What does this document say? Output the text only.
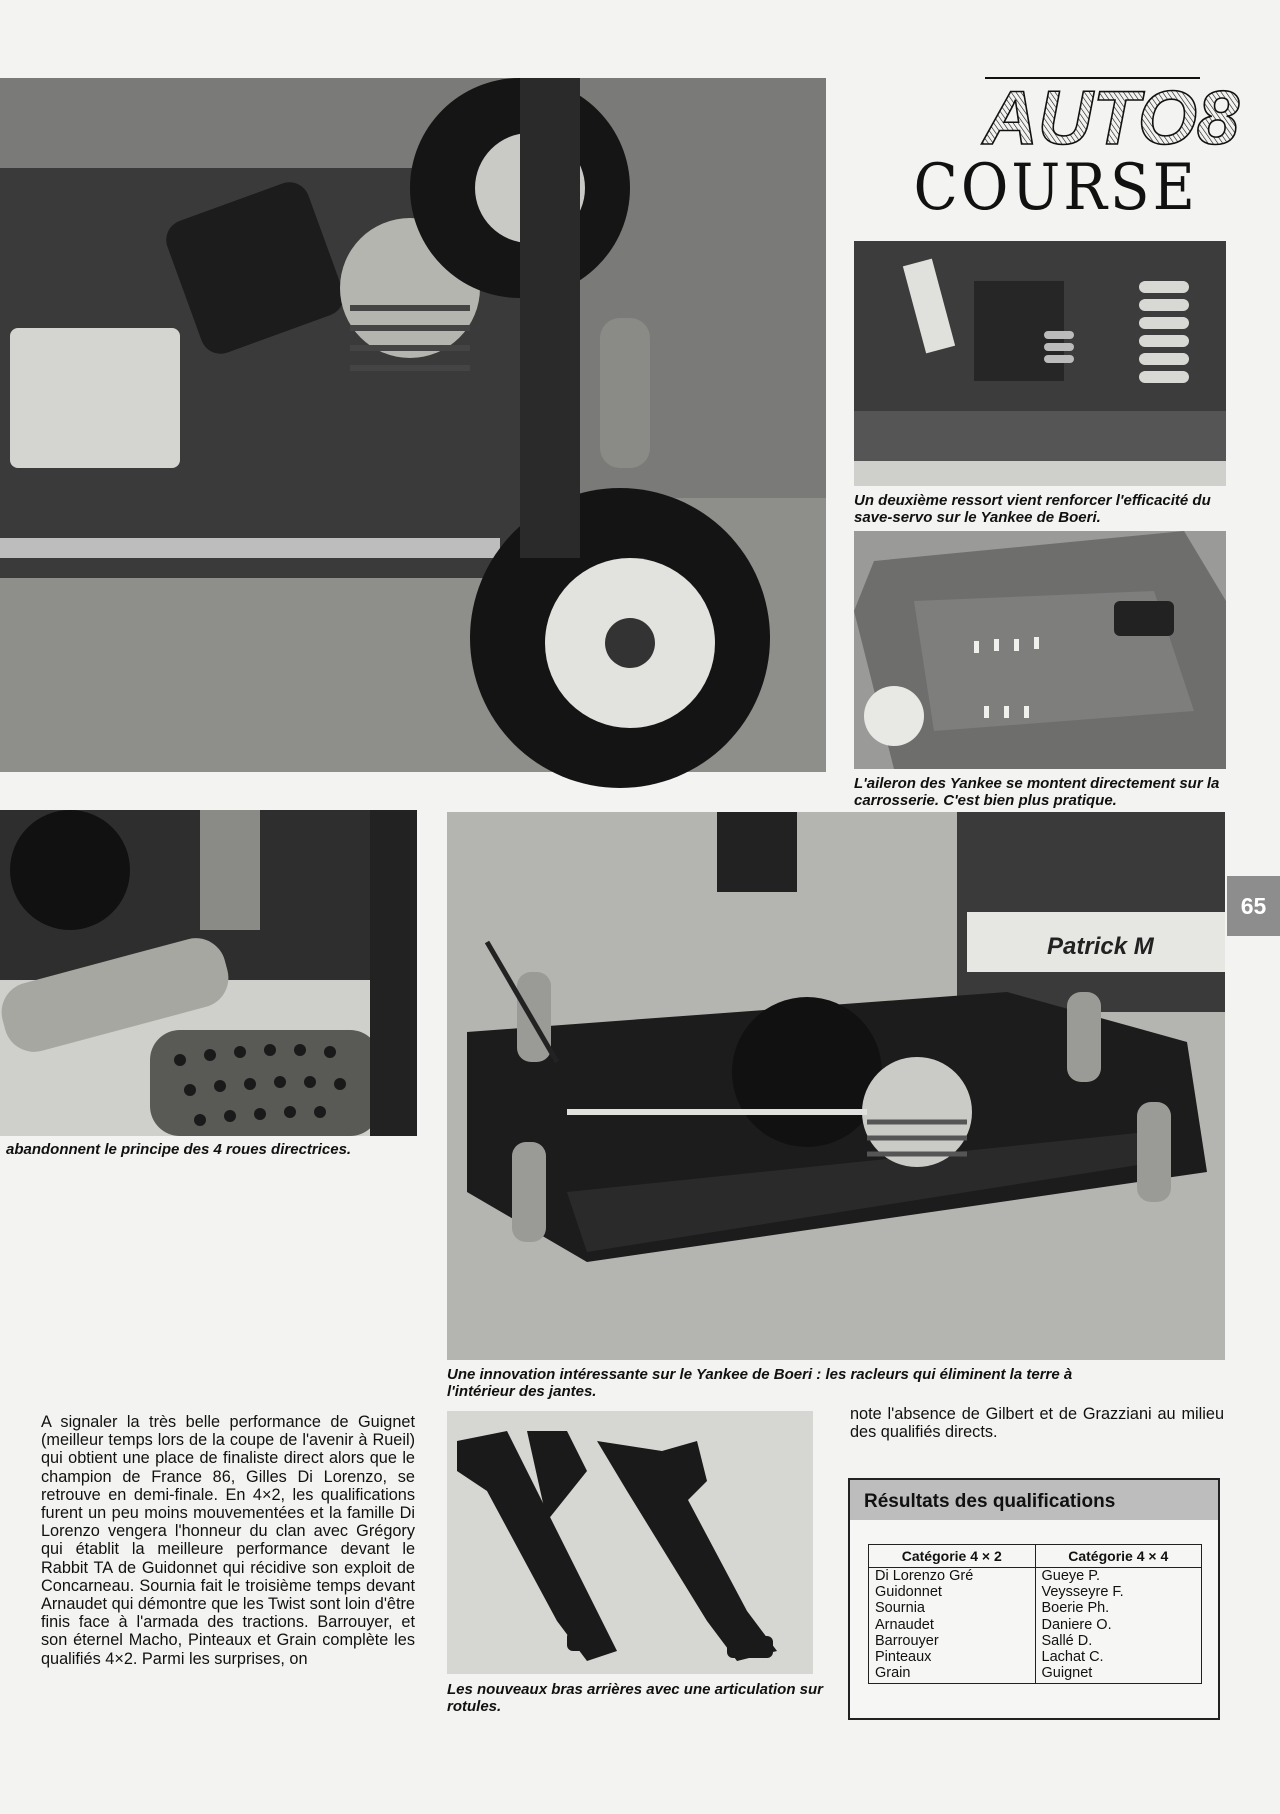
AUTO8
COURSE

Un deuxième ressort vient renforcer l'efficacité du save-servo sur le Yankee de Boeri.

L'aileron des Yankee se montent directement sur la carrosserie. C'est bien plus pratique.

65

abandonnent le principe des 4 roues directrices.

Patrick M

Une innovation intéressante sur le Yankee de Boeri : les racleurs qui éliminent la terre à l'intérieur des jantes.

Les nouveaux bras arrières avec une articulation sur rotules.

A signaler la très belle performance de Guignet (meilleur temps lors de la coupe de l'avenir à Rueil) qui obtient une place de finaliste direct alors que le champion de France 86, Gilles Di Lorenzo, se retrouve en demi-finale. En 4×2, les qualifications furent un peu moins mouvementées et la famille Di Lorenzo vengera l'honneur du clan avec Grégory qui établit la meilleure performance devant le Rabbit TA de Guidonnet qui récidive son exploit de Concarneau. Sournia fait le troisième temps devant Arnaudet qui démontre que les Twist sont loin d'être finis face à l'armada des tractions. Barrouyer, et son éternel Macho, Pinteaux et Grain complète les qualifiés 4×2. Parmi les surprises, on

note l'absence de Gilbert et de Grazziani au milieu des qualifiés directs.

Résultats des qualifications
Catégorie 4 × 2	Catégorie 4 × 4
Di Lorenzo Gré	Gueye P.
Guidonnet	Veysseyre F.
Sournia	Boerie Ph.
Arnaudet	Daniere O.
Barrouyer	Sallé D.
Pinteaux	Lachat C.
Grain	Guignet
